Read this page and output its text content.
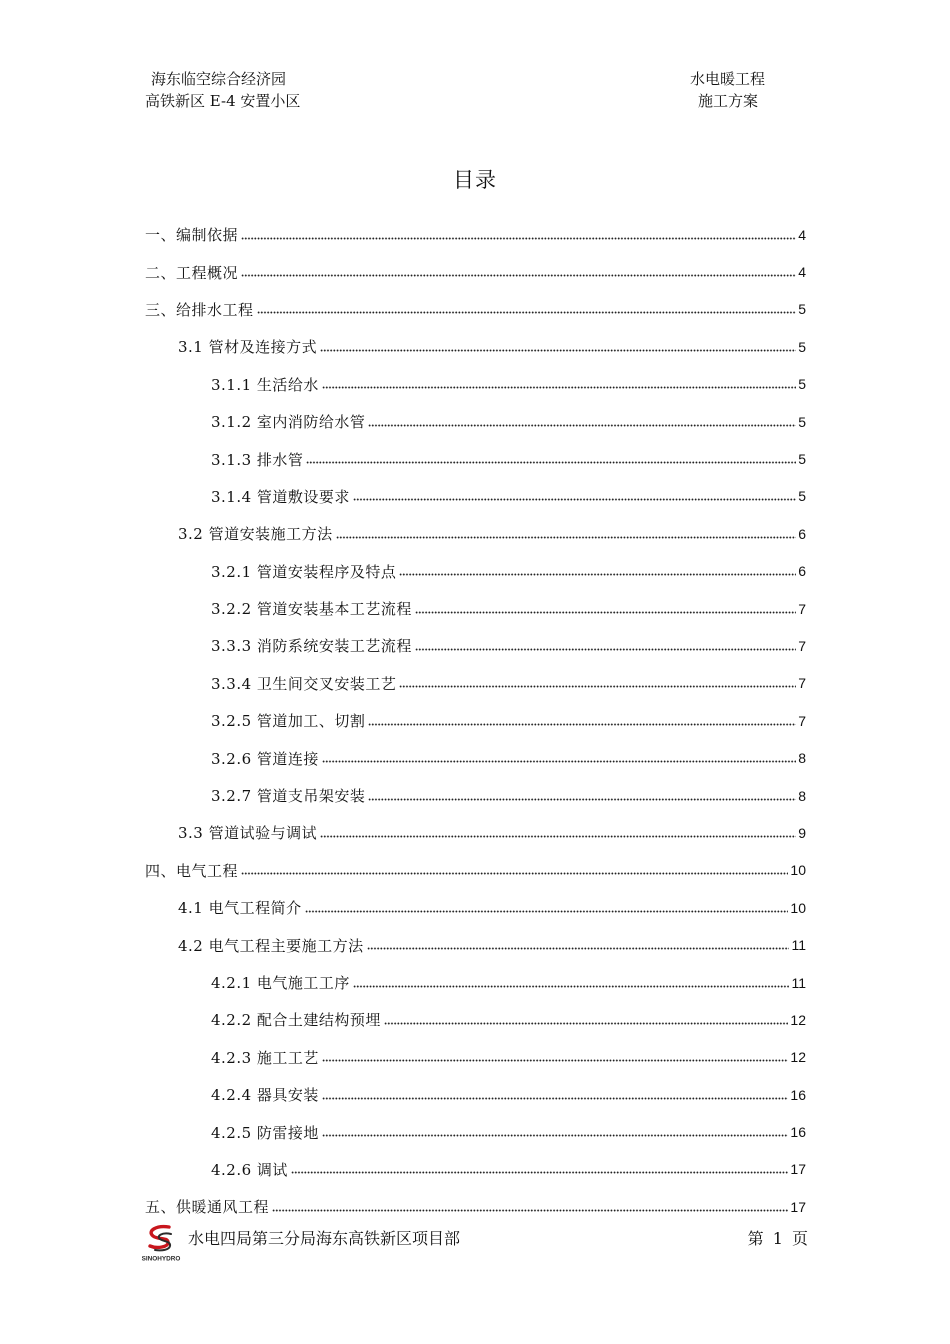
海东临空综合经济园
高铁新区 E-4 安置小区
水电暖工程
施工方案
目录
一、编制依据	4
二、工程概况	4
三、给排水工程	5
3.1 管材及连接方式	5
3.1.1 生活给水	5
3.1.2 室内消防给水管	5
3.1.3 排水管	5
3.1.4 管道敷设要求	5
3.2 管道安装施工方法	6
3.2.1 管道安装程序及特点	6
3.2.2 管道安装基本工艺流程	7
3.3.3 消防系统安装工艺流程	7
3.3.4 卫生间交叉安装工艺	7
3.2.5 管道加工、切割	7
3.2.6 管道连接	8
3.2.7 管道支吊架安装	8
3.3 管道试验与调试	9
四、电气工程	10
4.1 电气工程简介	10
4.2 电气工程主要施工方法	11
4.2.1 电气施工工序	11
4.2.2 配合土建结构预埋	12
4.2.3 施工工艺	12
4.2.4 器具安装	16
4.2.5 防雷接地	16
4.2.6 调试	17
五、供暖通风工程	17
SINOHYDRO
水电四局第三分局海东高铁新区项目部	第 1 页
